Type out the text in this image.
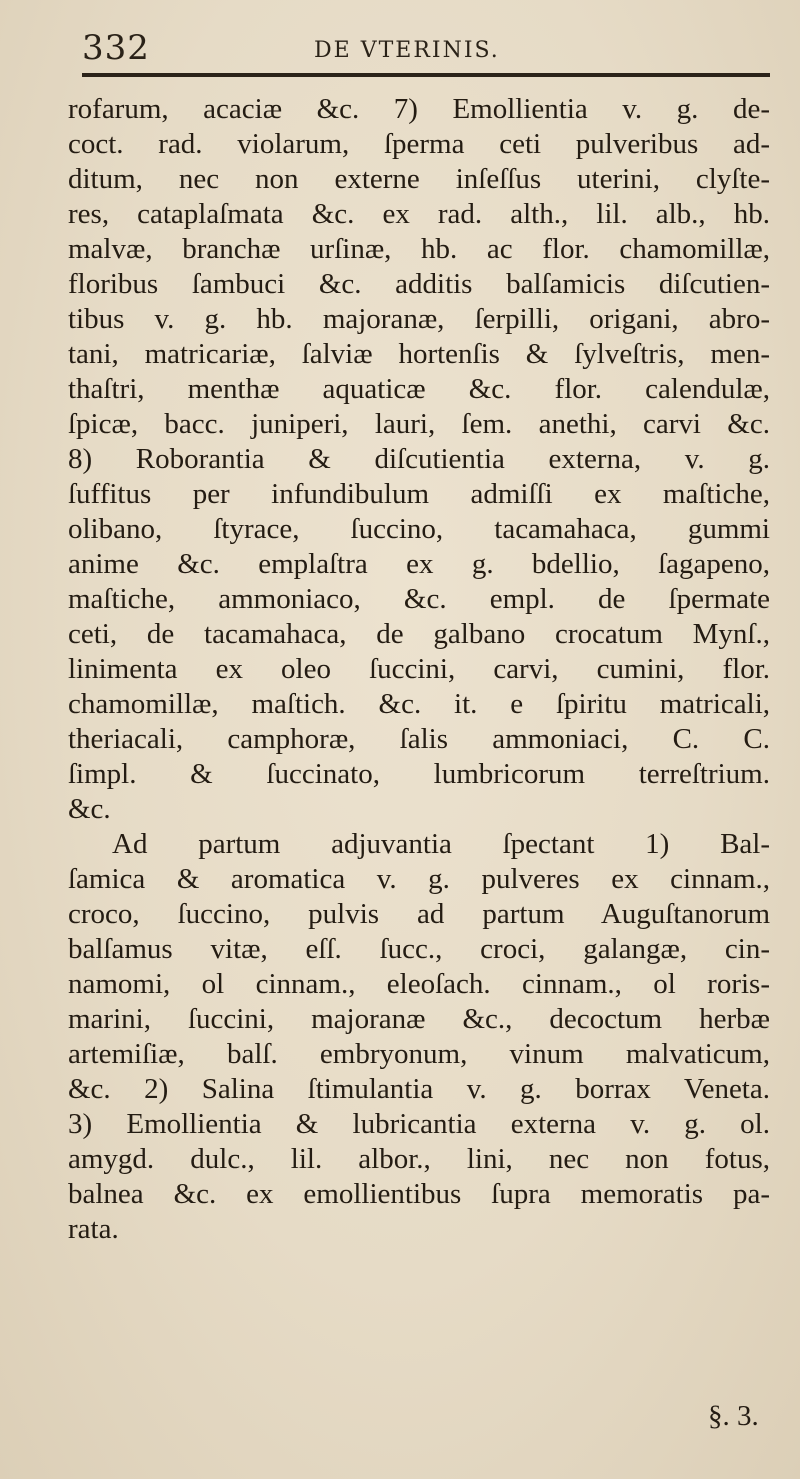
332	DE VTERINIS.
rofarum, acaciæ &c. 7) Emollientia v. g. de-
coct. rad. violarum, ſperma ceti pulveribus ad-
ditum, nec non externe inſeſſus uterini, clyſte-
res, cataplaſmata &c. ex rad. alth., lil. alb., hb.
malvæ, branchæ urſinæ, hb. ac flor. chamomillæ,
floribus ſambuci &c. additis balſamicis diſcutien-
tibus v. g. hb. majoranæ, ſerpilli, origani, abro-
tani, matricariæ, ſalviæ hortenſis & ſylveſtris, men-
thaſtri, menthæ aquaticæ &c. flor. calendulæ,
ſpicæ, bacc. juniperi, lauri, ſem. anethi, carvi &c.
8) Roborantia & diſcutientia externa, v. g.
ſuffitus per infundibulum admiſſi ex maſtiche,
olibano, ſtyrace, ſuccino, tacamahaca, gummi
anime &c. emplaſtra ex g. bdellio, ſagapeno,
maſtiche, ammoniaco, &c. empl. de ſpermate
ceti, de tacamahaca, de galbano crocatum Mynſ.,
linimenta ex oleo ſuccini, carvi, cumini, flor.
chamomillæ, maſtich. &c. it. e ſpiritu matricali,
theriacali, camphoræ, ſalis ammoniaci, C. C.
ſimpl. & ſuccinato, lumbricorum terreſtrium.
&c.
Ad partum adjuvantia ſpectant 1) Bal-
ſamica & aromatica v. g. pulveres ex cinnam.,
croco, ſuccino, pulvis ad partum Auguſtanorum
balſamus vitæ, eſſ. ſucc., croci, galangæ, cin-
namomi, ol cinnam., eleoſach. cinnam., ol roris-
marini, ſuccini, majoranæ &c., decoctum herbæ
artemiſiæ, balſ. embryonum, vinum malvaticum,
&c. 2) Salina ſtimulantia v. g. borrax Veneta.
3) Emollientia & lubricantia externa v. g. ol.
amygd. dulc., lil. albor., lini, nec non fotus,
balnea &c. ex emollientibus ſupra memoratis pa-
rata.
§. 3.
